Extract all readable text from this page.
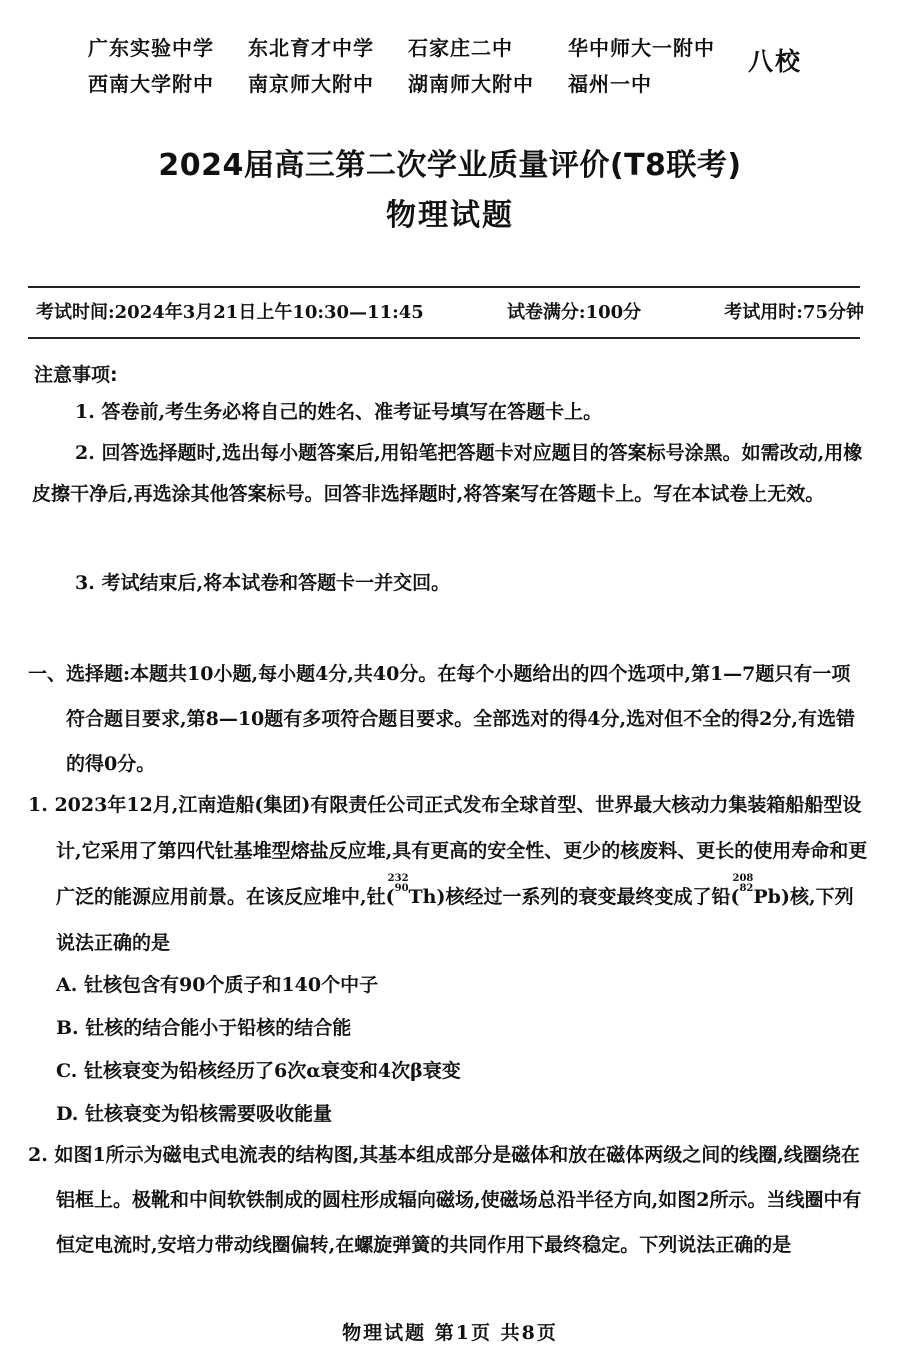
广东实验中学	东北育才中学	石家庄二中	华中师大一附中
西南大学附中	南京师大附中	湖南师大附中	福州一中
八校
2024届高三第二次学业质量评价(T8联考)
物理试题
考试时间:2024年3月21日上午10:30—11:45	试卷满分:100分	考试用时:75分钟
注意事项:
1. 答卷前,考生务必将自己的姓名、准考证号填写在答题卡上。
2. 回答选择题时,选出每小题答案后,用铅笔把答题卡对应题目的答案标号涂黑。如需改动,用橡皮擦干净后,再选涂其他答案标号。回答非选择题时,将答案写在答题卡上。写在本试卷上无效。
3. 考试结束后,将本试卷和答题卡一并交回。
一、选择题:本题共10小题,每小题4分,共40分。在每个小题给出的四个选项中,第1—7题只有一项符合题目要求,第8—10题有多项符合题目要求。全部选对的得4分,选对但不全的得2分,有选错的得0分。
1. 2023年12月,江南造船(集团)有限责任公司正式发布全球首型、世界最大核动力集装箱船船型设计,它采用了第四代钍基堆型熔盐反应堆,具有更高的安全性、更少的核废料、更长的使用寿命和更广泛的能源应用前景。在该反应堆中,钍($^{232 90}$Th)核经过一系列的衰变最终变成了铅($^{208 82}$Pb)核,下列说法正确的是
A. 钍核包含有90个质子和140个中子
B. 钍核的结合能小于铅核的结合能
C. 钍核衰变为铅核经历了6次α衰变和4次β衰变
D. 钍核衰变为铅核需要吸收能量
2. 如图1所示为磁电式电流表的结构图,其基本组成部分是磁体和放在磁体两级之间的线圈,线圈绕在铝框上。极靴和中间软铁制成的圆柱形成辐向磁场,使磁场总沿半径方向,如图2所示。当线圈中有恒定电流时,安培力带动线圈偏转,在螺旋弹簧的共同作用下最终稳定。下列说法正确的是
物理试题 第1页 共8页
